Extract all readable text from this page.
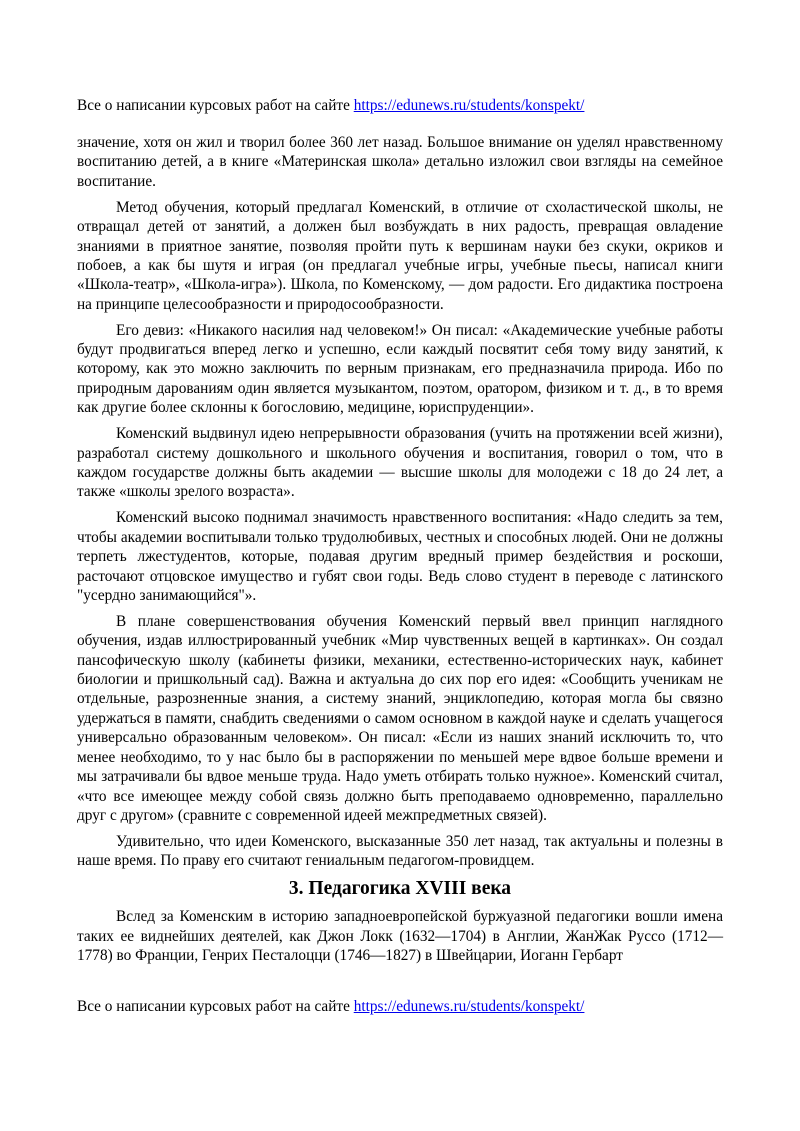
Все о написании курсовых работ на сайте https://edunews.ru/students/konspekt/

значение, хотя он жил и творил более 360 лет назад. Большое внимание он уделял нравственному воспитанию детей, а в книге «Материнская школа» детально изложил свои взгляды на семейное воспитание.

Метод обучения, который предлагал Коменский, в отличие от схоластической школы, не отвращал детей от занятий, а должен был возбуждать в них радость, превращая овладение знаниями в приятное занятие, позволяя пройти путь к вершинам науки без скуки, окриков и побоев, а как бы шутя и играя (он предлагал учебные игры, учебные пьесы, написал книги «Школа-театр», «Школа-игра»). Школа, по Коменскому, — дом радости. Его дидактика построена на принципе целесообразности и природосообразности.

Его девиз: «Никакого насилия над человеком!» Он писал: «Академические учебные работы будут продвигаться вперед легко и успешно, если каждый посвятит себя тому виду занятий, к которому, как это можно заключить по верным признакам, его предназначила природа. Ибо по природным дарованиям один является музыкантом, поэтом, оратором, физиком и т. д., в то время как другие более склонны к богословию, медицине, юриспруденции».

Коменский выдвинул идею непрерывности образования (учить на протяжении всей жизни), разработал систему дошкольного и школьного обучения и воспитания, говорил о том, что в каждом государстве должны быть академии — высшие школы для молодежи с 18 до 24 лет, а также «школы зрелого возраста».

Коменский высоко поднимал значимость нравственного воспитания: «Надо следить за тем, чтобы академии воспитывали только трудолюбивых, честных и способных людей. Они не должны терпеть лжестудентов, которые, подавая другим вредный пример бездействия и роскоши, расточают отцовское имущество и губят свои годы. Ведь слово студент в переводе с латинского "усердно занимающийся"».

В плане совершенствования обучения Коменский первый ввел принцип наглядного обучения, издав иллюстрированный учебник «Мир чувственных вещей в картинках». Он создал пансофическую школу (кабинеты физики, механики, естественно-исторических наук, кабинет биологии и пришкольный сад). Важна и актуальна до сих пор его идея: «Сообщить ученикам не отдельные, разрозненные знания, а систему знаний, энциклопедию, которая могла бы связно удержаться в памяти, снабдить сведениями о самом основном в каждой науке и сделать учащегося универсально образованным человеком». Он писал: «Если из наших знаний исключить то, что менее необходимо, то у нас было бы в распоряжении по меньшей мере вдвое больше времени и мы затрачивали бы вдвое меньше труда. Надо уметь отбирать только нужное». Коменский считал, «что все имеющее между собой связь должно быть преподаваемо одновременно, параллельно друг с другом» (сравните с современной идеей межпредметных связей).

Удивительно, что идеи Коменского, высказанные 350 лет назад, так актуальны и полезны в наше время. По праву его считают гениальным педагогом-провидцем.

3. Педагогика XVIII века

Вслед за Коменским в историю западноевропейской буржуазной педагогики вошли имена таких ее виднейших деятелей, как Джон Локк (1632—1704) в Англии, ЖанЖак Руссо (1712—1778) во Франции, Генрих Песталоцци (1746—1827) в Швейцарии, Иоганн Гербарт

Все о написании курсовых работ на сайте https://edunews.ru/students/konspekt/
